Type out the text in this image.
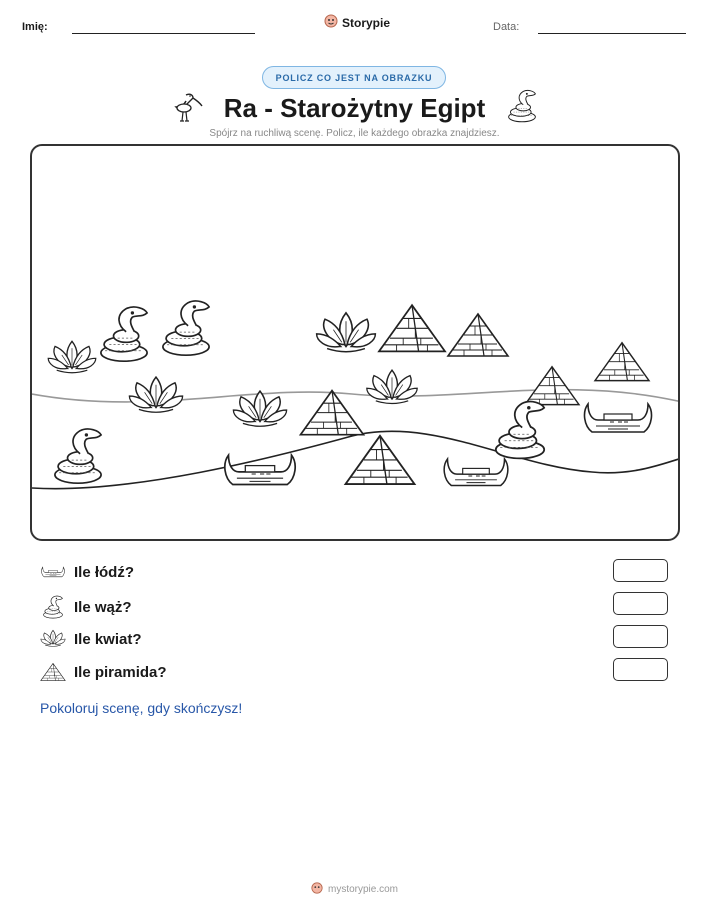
Imię:	Storypie	Data:
POLICZ CO JEST NA OBRAZKU
Ra - Starożytny Egipt
Spójrz na ruchliwą scenę. Policz, ile każdego obrazka znajdziesz.
Ile łódź?
Ile wąż?
Ile kwiat?
Ile piramida?
Pokoloruj scenę, gdy skończysz!
mystorypie.com
